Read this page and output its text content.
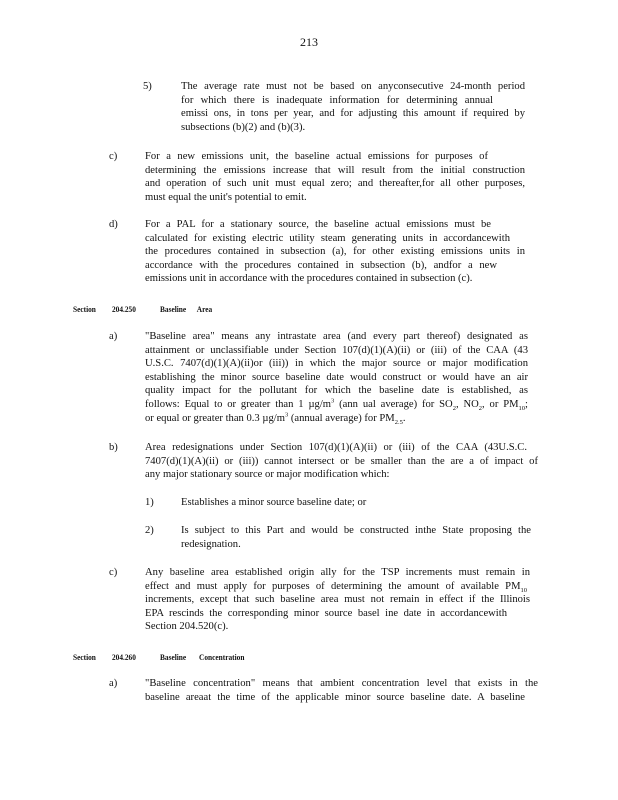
213
5)	The average rate must not be based on anyconsecutive 24-month period
for which there is inadequate information for determining annual
emissi ons, in tons per year, and for adjusting this amount if required by
subsections (b)(2) and (b)(3).
c)	For a new emissions unit, the baseline actual emissions for purposes of
determining the emissions increase that will result from the initial construction
and operation of such unit must equal zero; and thereafter,for all other purposes,
must equal the unit's potential to emit.
d)	For a PAL for a stationary source, the baseline actual emissions must be
calculated for existing electric utility steam generating units in accordancewith
the procedures contained in subsection (a), for other existing emissions units in
accordance with the procedures contained in subsection (b), andfor a new
emissions unit in accordance with the procedures contained in subsection (c).
Section 204.250	Baseline Area
a)	"Baseline area" means any intrastate area (and every part thereof) designated as
attainment or unclassifiable under Section 107(d)(1)(A)(ii) or (iii) of the CAA (43
U.S.C. 7407(d)(1)(A)(ii)or (iii)) in which the major source or major modification
establishing the minor source baseline date would construct or would have an air
quality impact for the pollutant for which the baseline date is established, as
follows: Equal to or greater than 1 $\mu g/m^3$ (ann ual average) for $SO_2$, $NO_2$, or $PM_{10}$;
or equal or greater than 0.3 $\mu g/m^3$ (annual average) for $PM_{2.5}$.
b)	Area redesignations under Section 107(d)(1)(A)(ii) or (iii) of the CAA (43U.S.C.
7407(d)(1)(A)(ii) or (iii)) cannot intersect or be smaller than the are a of impact of
any major stationary source or major modification which:
1)	Establishes a minor source baseline date; or
2)	Is subject to this Part and would be constructed inthe State proposing the
redesignation.
c)	Any baseline area established origin ally for the TSP increments must remain in
effect and must apply for purposes of determining the amount of available $PM_{10}$
increments, except that such baseline area must not remain in effect if the Illinois
EPA rescinds the corresponding minor source basel ine date in accordancewith
Section 204.520(c).
Section 204.260	Baseline Concentration
a)	"Baseline concentration" means that ambient concentration level that exists in the
baseline areaat the time of the applicable minor source baseline date. A baseline
